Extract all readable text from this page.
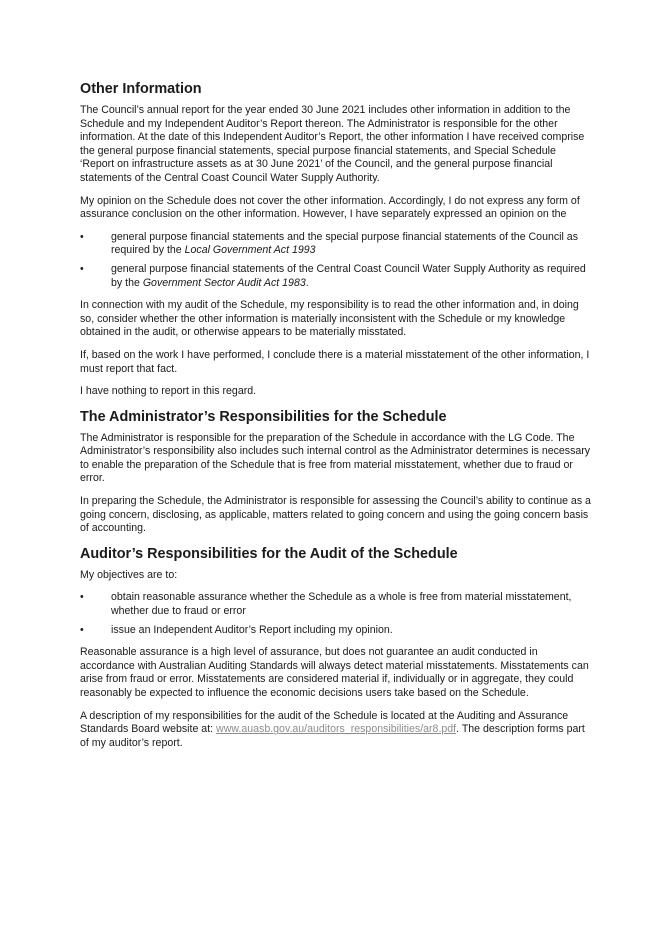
Other Information

The Council’s annual report for the year ended 30 June 2021 includes other information in addition to the Schedule and my Independent Auditor’s Report thereon. The Administrator is responsible for the other information. At the date of this Independent Auditor’s Report, the other information I have received comprise the general purpose financial statements, special purpose financial statements, and Special Schedule ‘Report on infrastructure assets as at 30 June 2021’ of the Council, and the general purpose financial statements of the Central Coast Council Water Supply Authority.

My opinion on the Schedule does not cover the other information. Accordingly, I do not express any form of assurance conclusion on the other information. However, I have separately expressed an opinion on the

•	general purpose financial statements and the special purpose financial statements of the Council as required by the Local Government Act 1993
•	general purpose financial statements of the Central Coast Council Water Supply Authority as required by the Government Sector Audit Act 1983.

In connection with my audit of the Schedule, my responsibility is to read the other information and, in doing so, consider whether the other information is materially inconsistent with the Schedule or my knowledge obtained in the audit, or otherwise appears to be materially misstated.

If, based on the work I have performed, I conclude there is a material misstatement of the other information, I must report that fact.

I have nothing to report in this regard.

The Administrator’s Responsibilities for the Schedule

The Administrator is responsible for the preparation of the Schedule in accordance with the LG Code. The Administrator’s responsibility also includes such internal control as the Administrator determines is necessary to enable the preparation of the Schedule that is free from material misstatement, whether due to fraud or error.

In preparing the Schedule, the Administrator is responsible for assessing the Council’s ability to continue as a going concern, disclosing, as applicable, matters related to going concern and using the going concern basis of accounting.

Auditor’s Responsibilities for the Audit of the Schedule

My objectives are to:

•	obtain reasonable assurance whether the Schedule as a whole is free from material misstatement, whether due to fraud or error
•	issue an Independent Auditor’s Report including my opinion.

Reasonable assurance is a high level of assurance, but does not guarantee an audit conducted in accordance with Australian Auditing Standards will always detect material misstatements. Misstatements can arise from fraud or error. Misstatements are considered material if, individually or in aggregate, they could reasonably be expected to influence the economic decisions users take based on the Schedule.

A description of my responsibilities for the audit of the Schedule is located at the Auditing and Assurance Standards Board website at: www.auasb.gov.au/auditors_responsibilities/ar8.pdf. The description forms part of my auditor’s report.
